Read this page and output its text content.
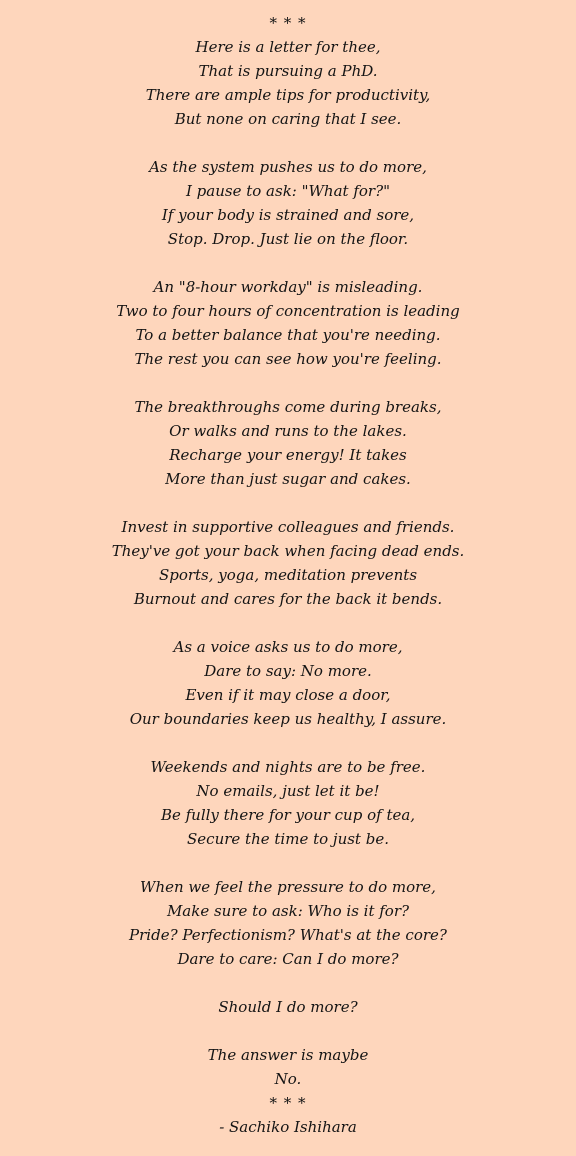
* * *
Here is a letter for thee,
That is pursuing a PhD.
There are ample tips for productivity,
But none on caring that I see.
As the system pushes us to do more,
I pause to ask: "What for?"
If your body is strained and sore,
Stop. Drop. Just lie on the floor.
An "8-hour workday" is misleading.
Two to four hours of concentration is leading
To a better balance that you're needing.
The rest you can see how you're feeling.
The breakthroughs come during breaks,
Or walks and runs to the lakes.
Recharge your energy! It takes
More than just sugar and cakes.
Invest in supportive colleagues and friends.
They've got your back when facing dead ends.
Sports, yoga, meditation prevents
Burnout and cares for the back it bends.
As a voice asks us to do more,
Dare to say: No more.
Even if it may close a door,
Our boundaries keep us healthy, I assure.
Weekends and nights are to be free.
No emails, just let it be!
Be fully there for your cup of tea,
Secure the time to just be.
When we feel the pressure to do more,
Make sure to ask: Who is it for?
Pride? Perfectionism? What's at the core?
Dare to care: Can I do more?
Should I do more?
The answer is maybe
No.
* * *
- Sachiko Ishihara
